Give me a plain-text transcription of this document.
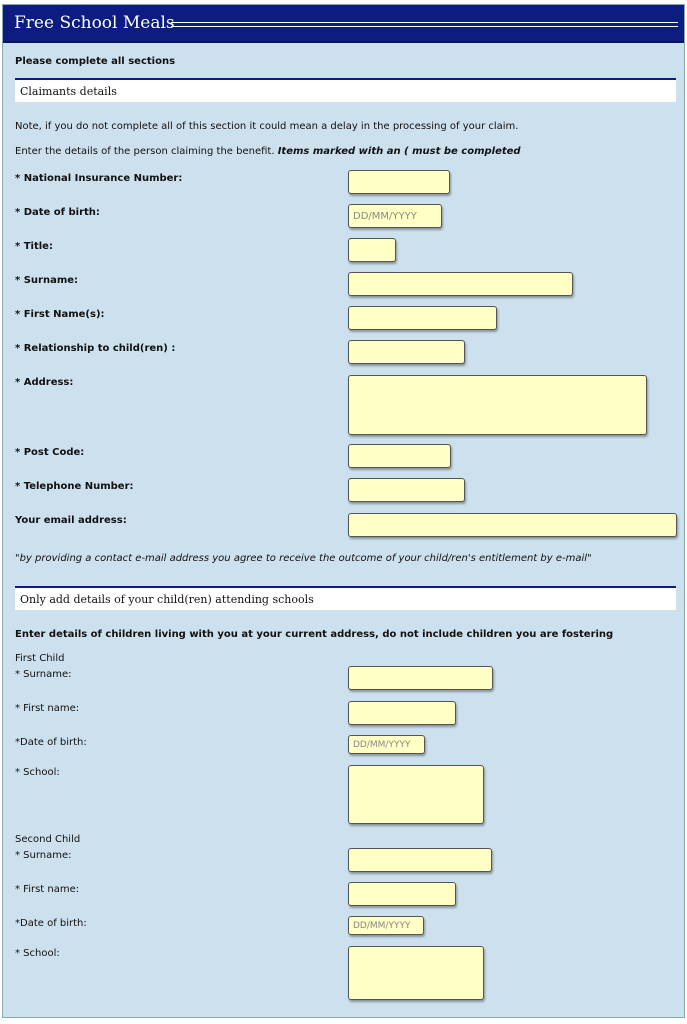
Free School Meals
Please complete all sections
Claimants details
Note, if you do not complete all of this section it could mean a delay in the processing of your claim.
Enter the details of the person claiming the benefit. Items marked with an ( must be completed
* National Insurance Number:
* Date of birth:	DD/MM/YYYY
* Title:
* Surname:
* First Name(s):
* Relationship to child(ren) :
* Address:
* Post Code:
* Telephone Number:
Your email address:
"by providing a contact e-mail address you agree to receive the outcome of your child/ren's entitlement by e-mail"
Only add details of your child(ren) attending schools
Enter details of children living with you at your current address, do not include children you are fostering
First Child
* Surname:
* First name:
*Date of birth:	DD/MM/YYYY
* School:
Second Child
* Surname:
* First name:
*Date of birth:	DD/MM/YYYY
* School:
